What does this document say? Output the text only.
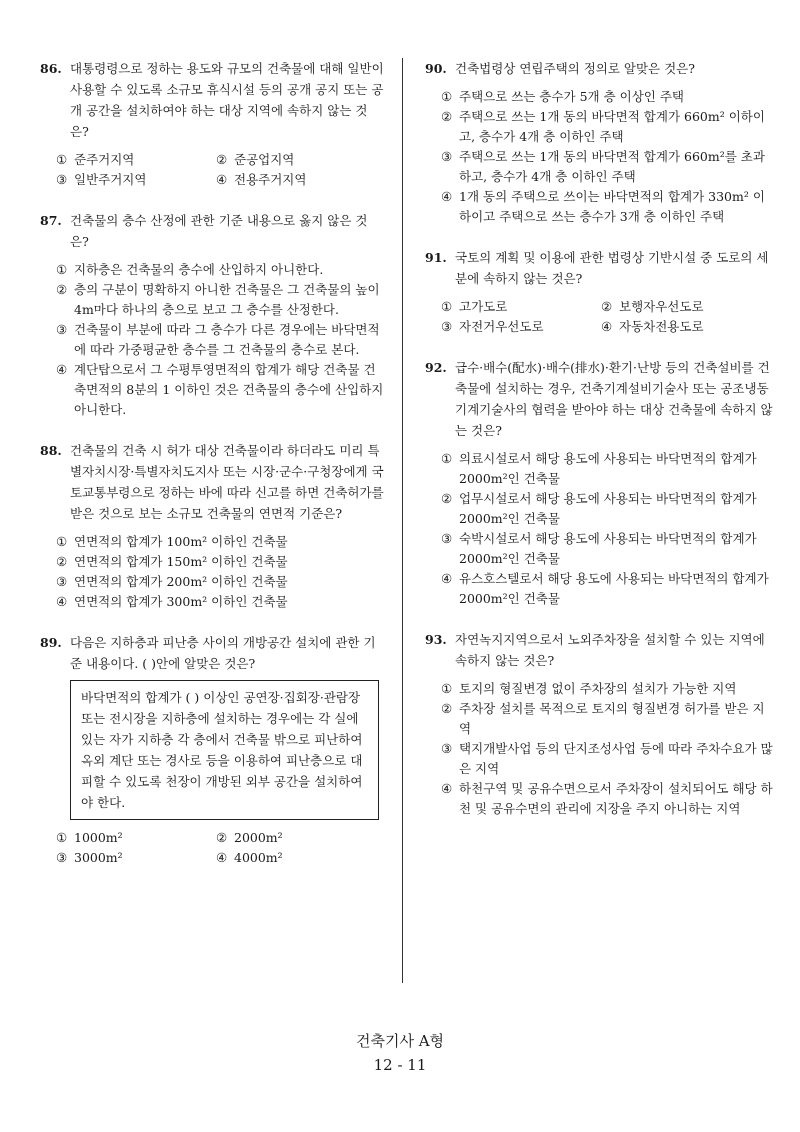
86. 대통령령으로 정하는 용도와 규모의 건축물에 대해 일반이 사용할 수 있도록 소규모 휴식시설 등의 공개 공지 또는 공개 공간을 설치하여야 하는 대상 지역에 속하지 않는 것은?
① 준주거지역	② 준공업지역
③ 일반주거지역	④ 전용주거지역
87. 건축물의 층수 산정에 관한 기준 내용으로 옳지 않은 것은?
① 지하층은 건축물의 층수에 산입하지 아니한다.
② 층의 구분이 명확하지 아니한 건축물은 그 건축물의 높이 4m마다 하나의 층으로 보고 그 층수를 산정한다.
③ 건축물이 부분에 따라 그 층수가 다른 경우에는 바닥면적에 따라 가중평균한 층수를 그 건축물의 층수로 본다.
④ 계단탑으로서 그 수평투영면적의 합계가 해당 건축물 건축면적의 8분의 1 이하인 것은 건축물의 층수에 산입하지 아니한다.
88. 건축물의 건축 시 허가 대상 건축물이라 하더라도 미리 특별자치시장·특별자치도지사 또는 시장·군수·구청장에게 국토교통부령으로 정하는 바에 따라 신고를 하면 건축허가를 받은 것으로 보는 소규모 건축물의 연면적 기준은?
① 연면적의 합계가 100m² 이하인 건축물
② 연면적의 합계가 150m² 이하인 건축물
③ 연면적의 합계가 200m² 이하인 건축물
④ 연면적의 합계가 300m² 이하인 건축물
89. 다음은 지하층과 피난층 사이의 개방공간 설치에 관한 기준 내용이다. ( )안에 알맞은 것은?
바닥면적의 합계가 ( ) 이상인 공연장·집회장·관람장 또는 전시장을 지하층에 설치하는 경우에는 각 실에 있는 자가 지하층 각 층에서 건축물 밖으로 피난하여 옥외 계단 또는 경사로 등을 이용하여 피난층으로 대피할 수 있도록 천장이 개방된 외부 공간을 설치하여야 한다.
① 1000m²	② 2000m²
③ 3000m²	④ 4000m²
90. 건축법령상 연립주택의 정의로 알맞은 것은?
① 주택으로 쓰는 층수가 5개 층 이상인 주택
② 주택으로 쓰는 1개 동의 바닥면적 합계가 660m² 이하이고, 층수가 4개 층 이하인 주택
③ 주택으로 쓰는 1개 동의 바닥면적 합계가 660m²를 초과하고, 층수가 4개 층 이하인 주택
④ 1개 동의 주택으로 쓰이는 바닥면적의 합계가 330m² 이하이고 주택으로 쓰는 층수가 3개 층 이하인 주택
91. 국토의 계획 및 이용에 관한 법령상 기반시설 중 도로의 세분에 속하지 않는 것은?
① 고가도로	② 보행자우선도로
③ 자전거우선도로	④ 자동차전용도로
92. 급수·배수(配水)·배수(排水)·환기·난방 등의 건축설비를 건축물에 설치하는 경우, 건축기계설비기술사 또는 공조냉동기계기술사의 협력을 받아야 하는 대상 건축물에 속하지 않는 것은?
① 의료시설로서 해당 용도에 사용되는 바닥면적의 합계가 2000m²인 건축물
② 업무시설로서 해당 용도에 사용되는 바닥면적의 합계가 2000m²인 건축물
③ 숙박시설로서 해당 용도에 사용되는 바닥면적의 합계가 2000m²인 건축물
④ 유스호스텔로서 해당 용도에 사용되는 바닥면적의 합계가 2000m²인 건축물
93. 자연녹지지역으로서 노외주차장을 설치할 수 있는 지역에 속하지 않는 것은?
① 토지의 형질변경 없이 주차장의 설치가 가능한 지역
② 주차장 설치를 목적으로 토지의 형질변경 허가를 받은 지역
③ 택지개발사업 등의 단지조성사업 등에 따라 주차수요가 많은 지역
④ 하천구역 및 공유수면으로서 주차장이 설치되어도 해당 하천 및 공유수면의 관리에 지장을 주지 아니하는 지역
건축기사 A형
12 - 11
